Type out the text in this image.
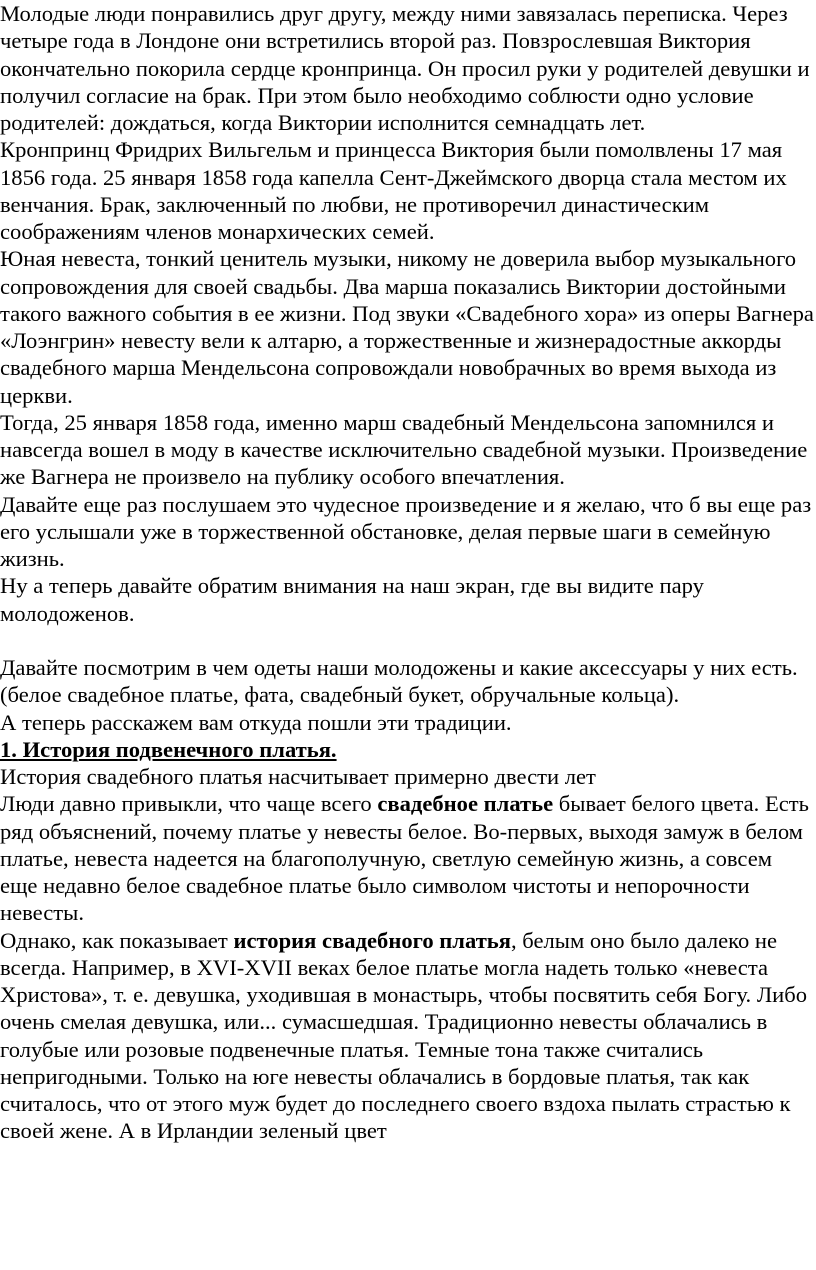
Молодые люди понравились друг другу, между ними завязалась переписка. Через четыре года в Лондоне они встретились второй раз. Повзрослевшая Виктория окончательно покорила сердце кронпринца. Он просил руки у родителей девушки и получил согласие на брак. При этом было необходимо соблюсти одно условие родителей: дождаться, когда Виктории исполнится семнадцать лет.

Кронпринц Фридрих Вильгельм и принцесса Виктория были помолвлены 17 мая 1856 года. 25 января 1858 года капелла Сент-Джеймского дворца стала местом их венчания. Брак, заключенный по любви, не противоречил династическим соображениям членов монархических семей.

Юная невеста, тонкий ценитель музыки, никому не доверила выбор музыкального сопровождения для своей свадьбы. Два марша показались Виктории достойными такого важного события в ее жизни. Под звуки «Свадебного хора» из оперы Вагнера «Лоэнгрин» невесту вели к алтарю, а торжественные и жизнерадостные аккорды свадебного марша Мендельсона сопровождали новобрачных во время выхода из церкви.

Тогда, 25 января 1858 года, именно марш свадебный Мендельсона запомнился и навсегда вошел в моду в качестве исключительно свадебной музыки. Произведение же Вагнера не произвело на публику особого впечатления.

Давайте еще раз послушаем это чудесное произведение и я желаю, что б вы еще раз его услышали уже в торжественной обстановке, делая первые шаги в семейную жизнь.

Ну а теперь давайте обратим внимания на наш экран, где вы видите пару молодоженов.

Давайте посмотрим в чем одеты наши молодожены и какие аксессуары у них есть. (белое свадебное платье, фата, свадебный букет, обручальные кольца).

А теперь расскажем вам откуда пошли эти традиции.

1. История подвенечного платья.

История свадебного платья насчитывает примерно двести лет

Люди давно привыкли, что чаще всего свадебное платье бывает белого цвета. Есть ряд объяснений, почему платье у невесты белое. Во-первых, выходя замуж в белом платье, невеста надеется на благополучную, светлую семейную жизнь, а совсем еще недавно белое свадебное платье было символом чистоты и непорочности невесты.

Однако, как показывает история свадебного платья, белым оно было далеко не всегда. Например, в XVI-XVII веках белое платье могла надеть только «невеста Христова», т. е. девушка, уходившая в монастырь, чтобы посвятить себя Богу. Либо очень смелая девушка, или... сумасшедшая. Традиционно невесты облачались в голубые или розовые подвенечные платья. Темные тона также считались непригодными. Только на юге невесты облачались в бордовые платья, так как считалось, что от этого муж будет до последнего своего вздоха пылать страстью к своей жене. А в Ирландии зеленый цвет
